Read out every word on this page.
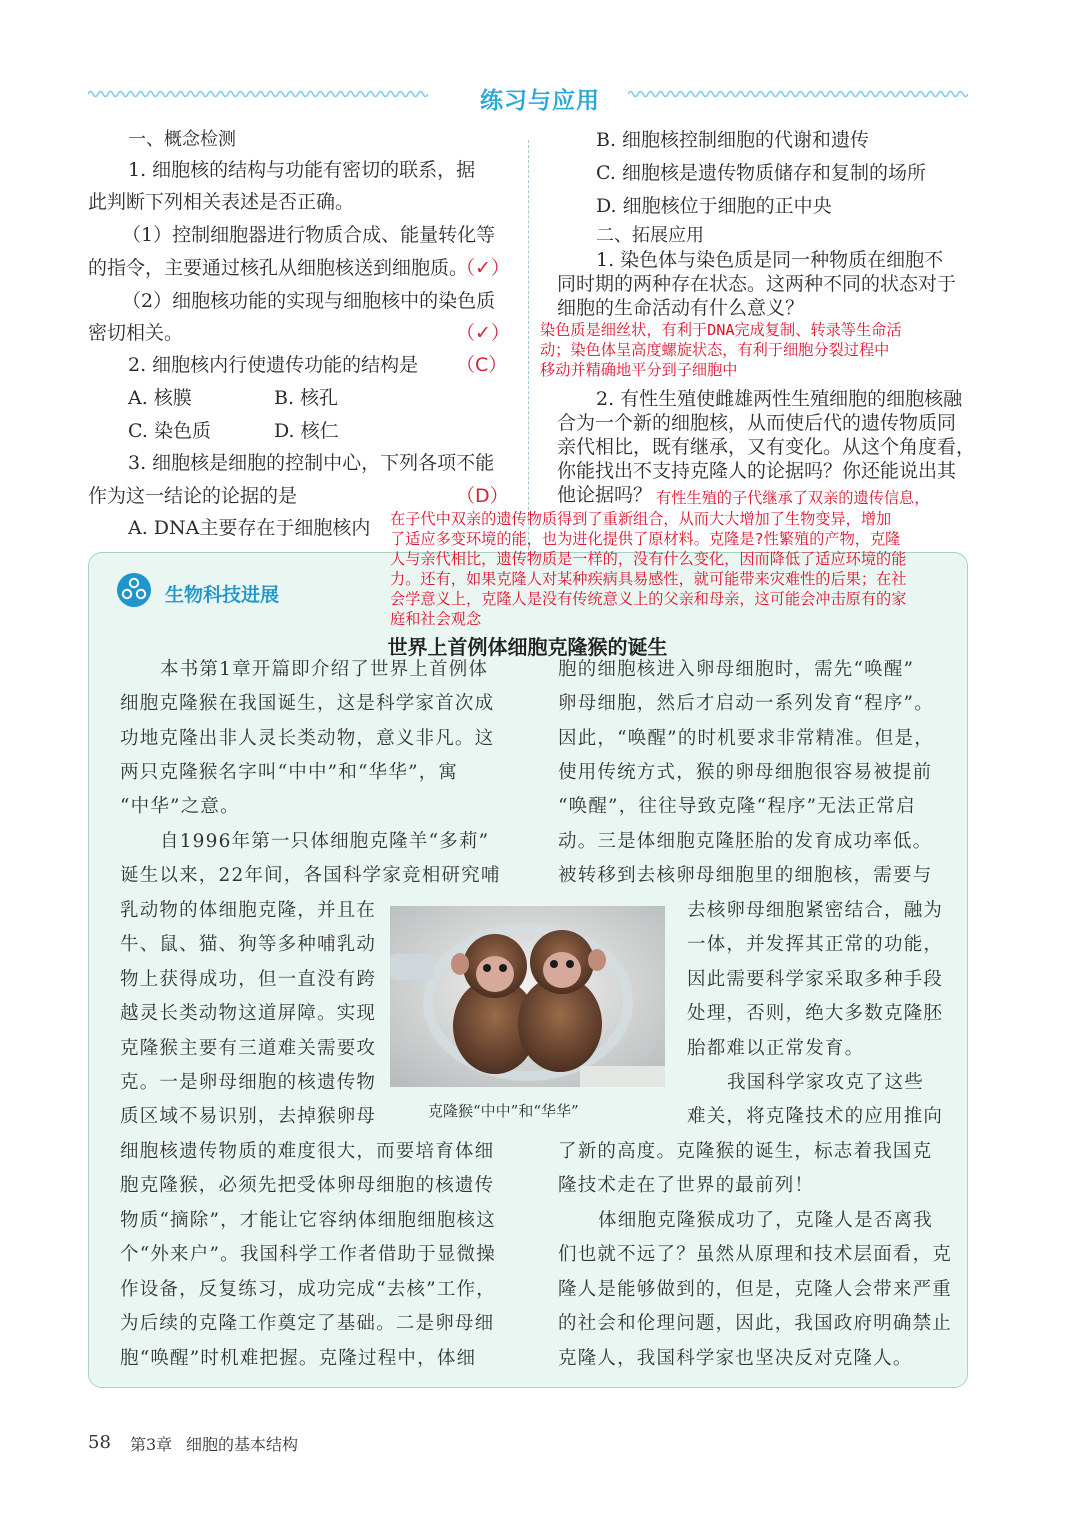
练习与应用
一、概念检测
1. 细胞核的结构与功能有密切的联系，据
此判断下列相关表述是否正确。
（1）控制细胞器进行物质合成、能量转化等
的指令，主要通过核孔从细胞核送到细胞质。
（✓）
（2）细胞核功能的实现与细胞核中的染色质
密切相关。	（✓）
2. 细胞核内行使遗传功能的结构是 （C）
A. 核膜	B. 核孔
C. 染色质	D. 核仁
3. 细胞核是细胞的控制中心，下列各项不能
作为这一结论的论据的是	（D）
A. DNA主要存在于细胞核内
B. 细胞核控制细胞的代谢和遗传
C. 细胞核是遗传物质储存和复制的场所
D. 细胞核位于细胞的正中央
二、拓展应用
1. 染色体与染色质是同一种物质在细胞不
同时期的两种存在状态。这两种不同的状态对于
细胞的生命活动有什么意义？
染色质是细丝状，有利于DNA完成复制、转录等生命活
动；染色体呈高度螺旋状态，有利于细胞分裂过程中
移动并精确地平分到子细胞中
2. 有性生殖使雌雄两性生殖细胞的细胞核融
合为一个新的细胞核，从而使后代的遗传物质同
亲代相比，既有继承，又有变化。从这个角度看，
你能找出不支持克隆人的论据吗？你还能说出其
他论据吗？ 有性生殖的子代继承了双亲的遗传信息，
在子代中双亲的遗传物质得到了重新组合，从而大大增加了生物变异，增加
了适应多变环境的能，也为进化提供了原材料。克隆是?性繁殖的产物，克隆
人与亲代相比，遗传物质是一样的，没有什么变化，因而降低了适应环境的能
力。还有，如果克隆人对某种疾病具易感性，就可能带来灾难性的后果；在社
会学意义上，克隆人是没有传统意义上的父亲和母亲，这可能会冲击原有的家
庭和社会观念
生物科技进展
世界上首例体细胞克隆猴的诞生
克隆猴“中中”和“华华”
本书第1章开篇即介绍了世界上首例体
细胞克隆猴在我国诞生，这是科学家首次成
功地克隆出非人灵长类动物，意义非凡。这
两只克隆猴名字叫“中中”和“华华”，寓
“中华”之意。
自1996年第一只体细胞克隆羊“多莉”
诞生以来，22年间，各国科学家竞相研究哺
乳动物的体细胞克隆，并且在
牛、鼠、猫、狗等多种哺乳动
物上获得成功，但一直没有跨
越灵长类动物这道屏障。实现
克隆猴主要有三道难关需要攻
克。一是卵母细胞的核遗传物
质区域不易识别，去掉猴卵母
细胞核遗传物质的难度很大，而要培育体细
胞克隆猴，必须先把受体卵母细胞的核遗传
物质“摘除”，才能让它容纳体细胞细胞核这
个“外来户”。我国科学工作者借助于显微操
作设备，反复练习，成功完成“去核”工作，
为后续的克隆工作奠定了基础。二是卵母细
胞“唤醒”时机难把握。克隆过程中，体细
胞的细胞核进入卵母细胞时，需先“唤醒”
卵母细胞，然后才启动一系列发育“程序”。
因此，“唤醒”的时机要求非常精准。但是，
使用传统方式，猴的卵母细胞很容易被提前
“唤醒”，往往导致克隆“程序”无法正常启
动。三是体细胞克隆胚胎的发育成功率低。
被转移到去核卵母细胞里的细胞核，需要与
去核卵母细胞紧密结合，融为
一体，并发挥其正常的功能，
因此需要科学家采取多种手段
处理，否则，绝大多数克隆胚
胎都难以正常发育。
我国科学家攻克了这些
难关，将克隆技术的应用推向
了新的高度。克隆猴的诞生，标志着我国克
隆技术走在了世界的最前列！
体细胞克隆猴成功了，克隆人是否离我
们也就不远了？虽然从原理和技术层面看，克
隆人是能够做到的，但是，克隆人会带来严重
的社会和伦理问题，因此，我国政府明确禁止
克隆人，我国科学家也坚决反对克隆人。
58 第3章 细胞的基本结构
